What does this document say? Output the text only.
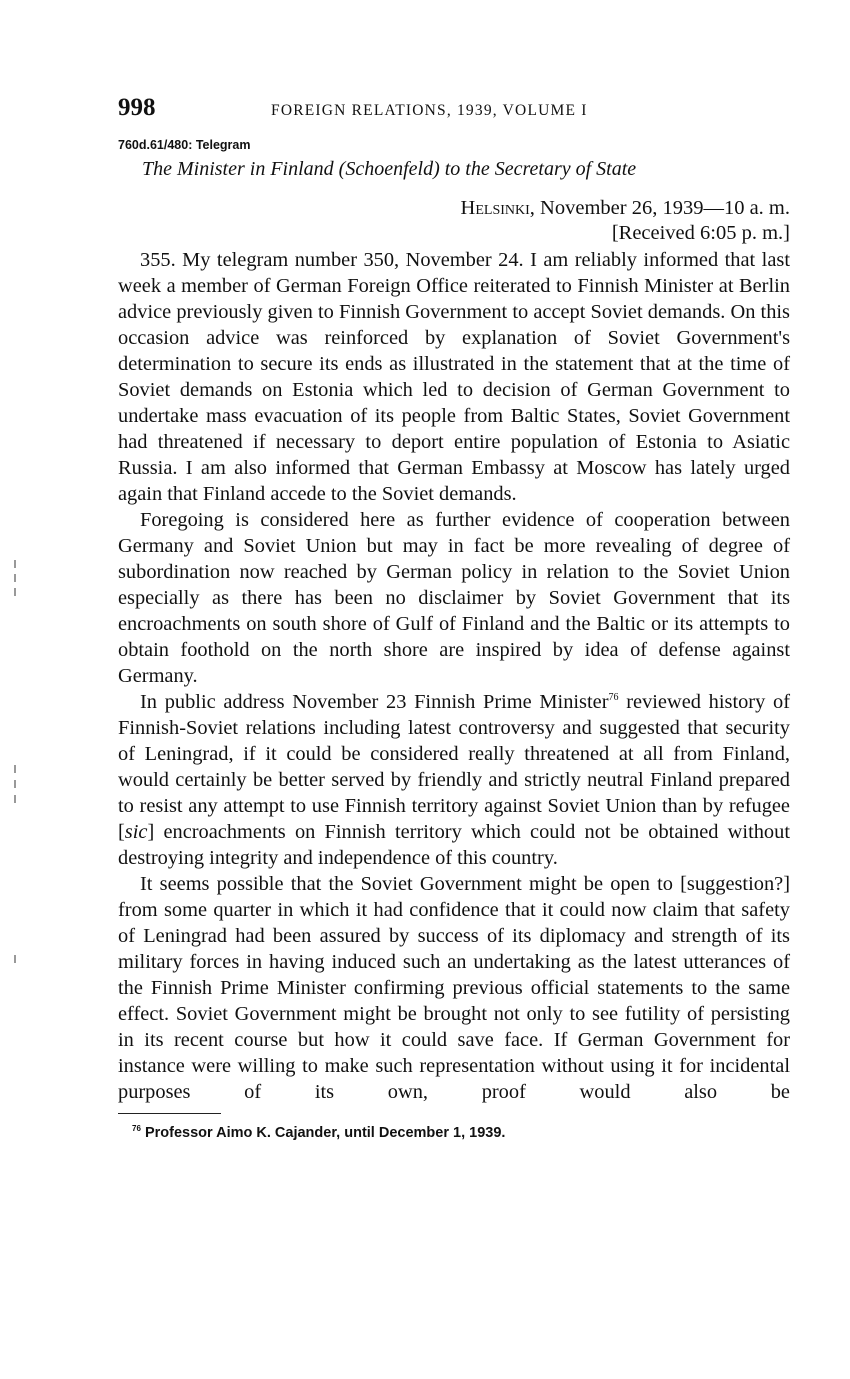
998	FOREIGN RELATIONS, 1939, VOLUME I
760d.61/480: Telegram
The Minister in Finland (Schoenfeld) to the Secretary of State
Helsinki, November 26, 1939—10 a. m.
[Received 6:05 p. m.]

355. My telegram number 350, November 24. I am reliably informed that last week a member of German Foreign Office reiterated to Finnish Minister at Berlin advice previously given to Finnish Government to accept Soviet demands. On this occasion advice was reinforced by explanation of Soviet Government's determination to secure its ends as illustrated in the statement that at the time of Soviet demands on Estonia which led to decision of German Government to undertake mass evacuation of its people from Baltic States, Soviet Government had threatened if necessary to deport entire population of Estonia to Asiatic Russia. I am also informed that German Embassy at Moscow has lately urged again that Finland accede to the Soviet demands.

Foregoing is considered here as further evidence of cooperation between Germany and Soviet Union but may in fact be more revealing of degree of subordination now reached by German policy in relation to the Soviet Union especially as there has been no disclaimer by Soviet Government that its encroachments on south shore of Gulf of Finland and the Baltic or its attempts to obtain foothold on the north shore are inspired by idea of defense against Germany.

In public address November 23 Finnish Prime Minister$^{76}$ reviewed history of Finnish-Soviet relations including latest controversy and suggested that security of Leningrad, if it could be considered really threatened at all from Finland, would certainly be better served by friendly and strictly neutral Finland prepared to resist any attempt to use Finnish territory against Soviet Union than by refugee [sic] encroachments on Finnish territory which could not be obtained without destroying integrity and independence of this country.

It seems possible that the Soviet Government might be open to [suggestion?] from some quarter in which it had confidence that it could now claim that safety of Leningrad had been assured by success of its diplomacy and strength of its military forces in having induced such an undertaking as the latest utterances of the Finnish Prime Minister confirming previous official statements to the same effect. Soviet Government might be brought not only to see futility of persisting in its recent course but how it could save face. If German Government for instance were willing to make such representation without using it for incidental purposes of its own, proof would also be

$^{76}$ Professor Aimo K. Cajander, until December 1, 1939.
